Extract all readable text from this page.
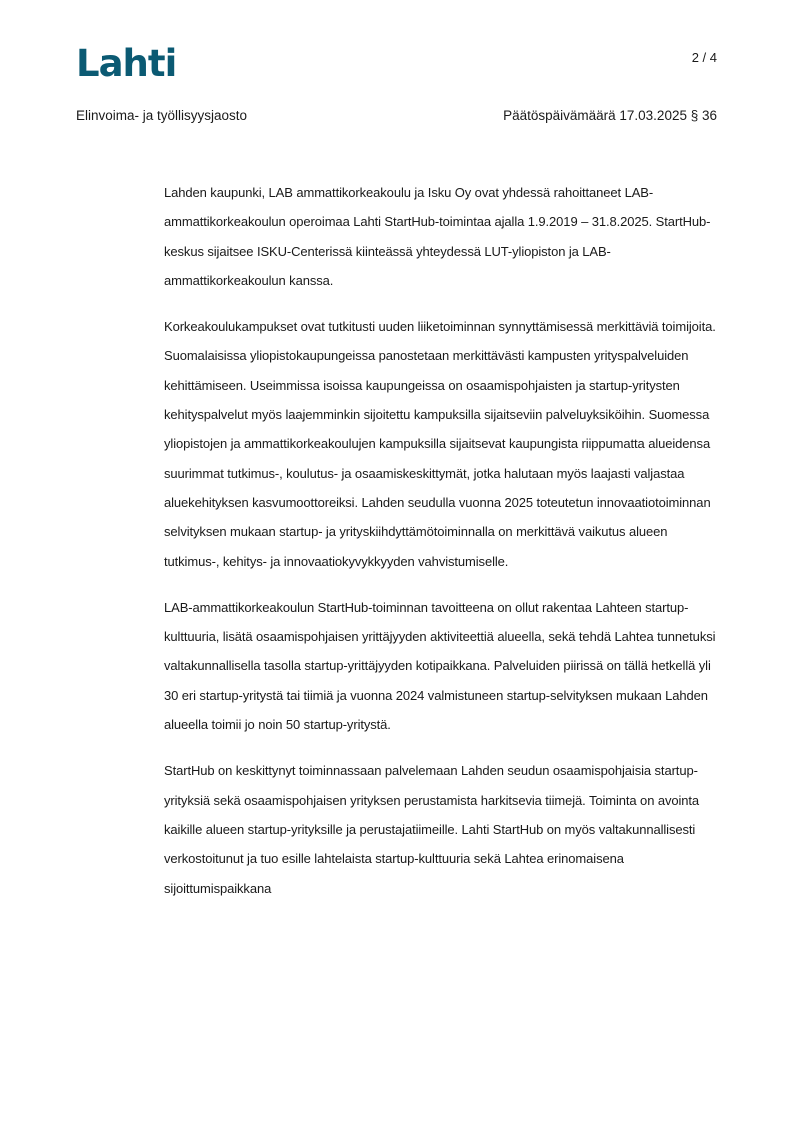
Lahti	2 / 4
Elinvoima- ja työllisyysjaosto	Päätöspäivämäärä 17.03.2025 § 36

Lahden kaupunki, LAB ammattikorkeakoulu ja Isku Oy ovat yhdessä rahoittaneet LAB-ammattikorkeakoulun operoimaa Lahti StartHub-toimintaa ajalla 1.9.2019 – 31.8.2025. StartHub-keskus sijaitsee ISKU-Centerissä kiinteässä yhteydessä LUT-yliopiston ja LAB-ammattikorkeakoulun kanssa.

Korkeakoulukampukset ovat tutkitusti uuden liiketoiminnan synnyttämisessä merkittäviä toimijoita. Suomalaisissa yliopistokaupungeissa panostetaan merkittävästi kampusten yrityspalveluiden kehittämiseen. Useimmissa isoissa kaupungeissa on osaamispohjaisten ja startup-yritysten kehityspalvelut myös laajemminkin sijoitettu kampuksilla sijaitseviin palveluyksiköihin. Suomessa yliopistojen ja ammattikorkeakoulujen kampuksilla sijaitsevat kaupungista riippumatta alueidensa suurimmat tutkimus-, koulutus- ja osaamiskeskittymät, jotka halutaan myös laajasti valjastaa aluekehityksen kasvumoottoreiksi. Lahden seudulla vuonna 2025 toteutetun innovaatiotoiminnan selvityksen mukaan startup- ja yrityskiihdyttämötoiminnalla on merkittävä vaikutus alueen tutkimus-, kehitys- ja innovaatiokyvykkyyden vahvistumiselle.

LAB-ammattikorkeakoulun StartHub-toiminnan tavoitteena on ollut rakentaa Lahteen startup-kulttuuria, lisätä osaamispohjaisen yrittäjyyden aktiviteettiä alueella, sekä tehdä Lahtea tunnetuksi valtakunnallisella tasolla startup-yrittäjyyden kotipaikkana. Palveluiden piirissä on tällä hetkellä yli 30 eri startup-yritystä tai tiimiä ja vuonna 2024 valmistuneen startup-selvityksen mukaan Lahden alueella toimii jo noin 50 startup-yritystä.

StartHub on keskittynyt toiminnassaan palvelemaan Lahden seudun osaamispohjaisia startup-yrityksiä sekä osaamispohjaisen yrityksen perustamista harkitsevia tiimejä. Toiminta on avointa kaikille alueen startup-yrityksille ja perustajatiimeille. Lahti StartHub on myös valtakunnallisesti verkostoitunut ja tuo esille lahtelaista startup-kulttuuria sekä Lahtea erinomaisena sijoittumispaikkana
